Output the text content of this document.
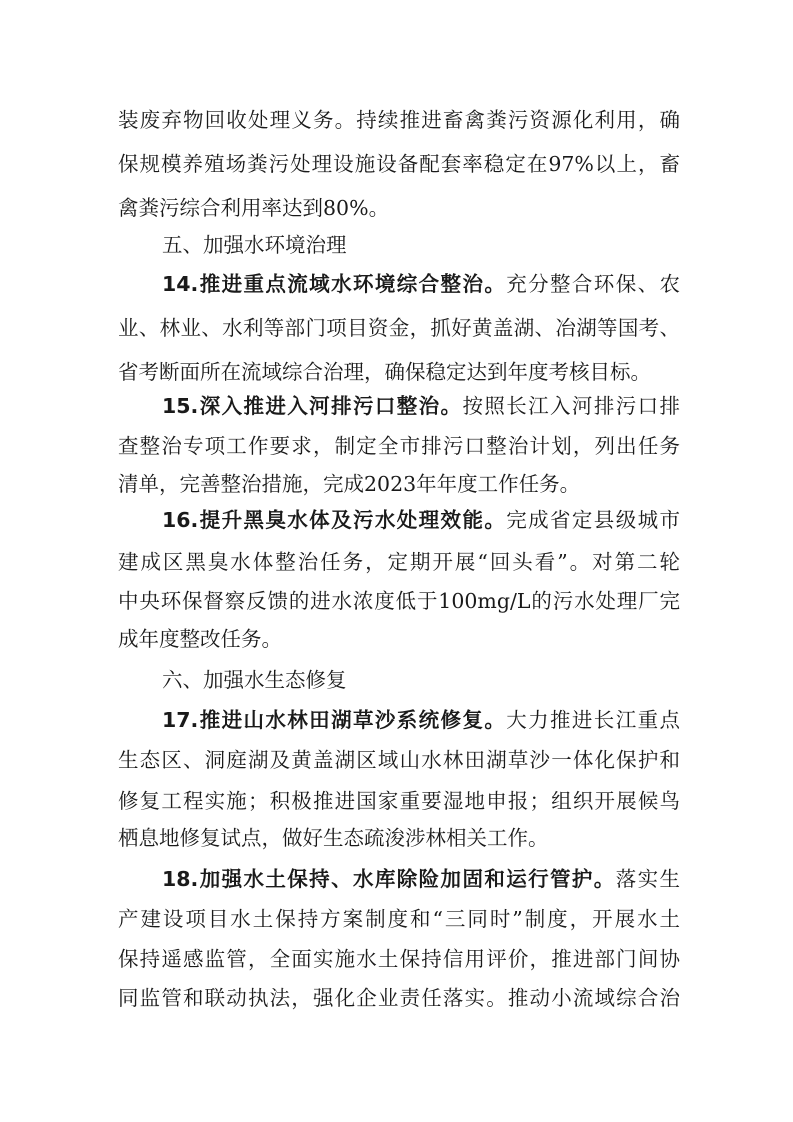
装废弃物回收处理义务。持续推进畜禽粪污资源化利用，确
保规模养殖场粪污处理设施设备配套率稳定在97%以上，畜
禽粪污综合利用率达到80%。
五、加强水环境治理
14.推进重点流域水环境综合整治。充分整合环保、农
业、林业、水利等部门项目资金，抓好黄盖湖、冶湖等国考、
省考断面所在流域综合治理，确保稳定达到年度考核目标。
15.深入推进入河排污口整治。按照长江入河排污口排
查整治专项工作要求，制定全市排污口整治计划，列出任务
清单，完善整治措施，完成2023年年度工作任务。
16.提升黑臭水体及污水处理效能。完成省定县级城市
建成区黑臭水体整治任务，定期开展“回头看”。对第二轮
中央环保督察反馈的进水浓度低于100mg/L的污水处理厂完
成年度整改任务。
六、加强水生态修复
17.推进山水林田湖草沙系统修复。大力推进长江重点
生态区、洞庭湖及黄盖湖区域山水林田湖草沙一体化保护和
修复工程实施；积极推进国家重要湿地申报；组织开展候鸟
栖息地修复试点，做好生态疏浚涉林相关工作。
18.加强水土保持、水库除险加固和运行管护。落实生
产建设项目水土保持方案制度和“三同时”制度，开展水土
保持遥感监管，全面实施水土保持信用评价，推进部门间协
同监管和联动执法，强化企业责任落实。推动小流域综合治
